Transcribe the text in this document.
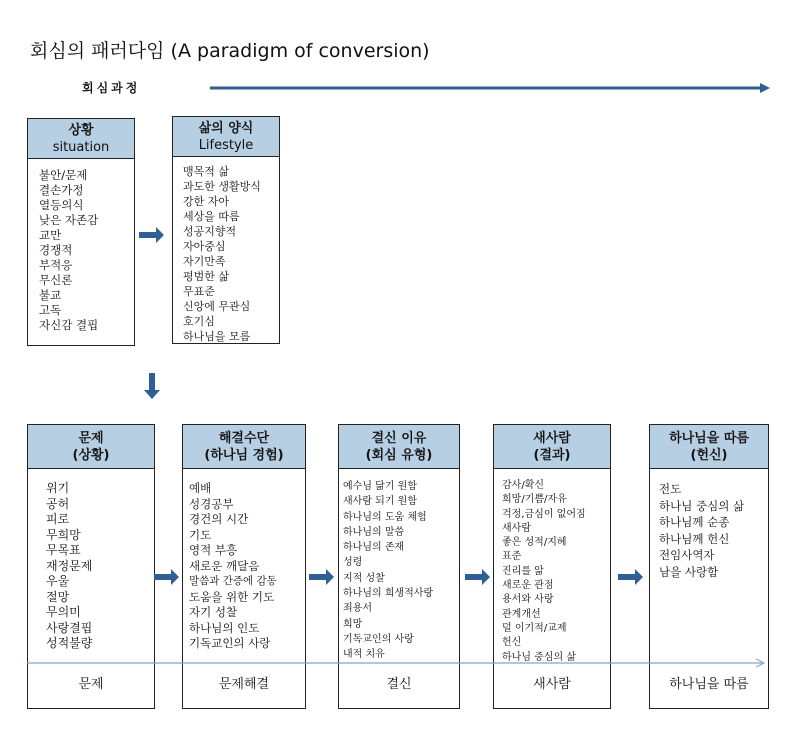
회심의 패러다임 (A paradigm of conversion)
회심과정
상황
situation
불안/문제
결손가정
열등의식
낮은 자존감
교만
경쟁적
부적응
무신론
불교
고독
자신감 결핍
삶의 양식
Lifestyle
맹목적 삶
과도한 생활방식
강한 자아
세상을 따름
성공지향적
자아중심
자기만족
평범한 삶
무표준
신앙에 무관심
호기심
하나님을 모름
문제
(상황)
위기
공허
피로
무희망
무목표
재정문제
우울
절망
무의미
사랑결핍
성적불량
문제
해결수단
(하나님 경험)
예배
성경공부
경건의 시간
기도
영적 부흥
새로운 깨달음
말씀과 간증에 감동
도움을 위한 기도
자기 성찰
하나님의 인도
기독교인의 사랑
문제해결
결신 이유
(회심 유형)
예수님 닮기 원함
새사람 되기 원함
하나님의 도움 체험
하나님의 말씀
하나님의 존재
성령
지적 성찰
하나님의 희생적사랑
죄용서
희망
기독교인의 사랑
내적 치유
결신
새사람
(결과)
감사/확신
희망/기쁨/자유
걱정,금심이 없어짐
새사람
좋은 성적/지혜
표준
진리를 앎
새로운 관점
용서와 사랑
관계개선
덜 이기적/교제
헌신
하나님 중심의 삶
새사람
하나님을 따름
(헌신)
전도
하나님 중심의 삶
하나님께 순종
하나님께 헌신
전임사역자
남을 사랑함
하나님을 따름
